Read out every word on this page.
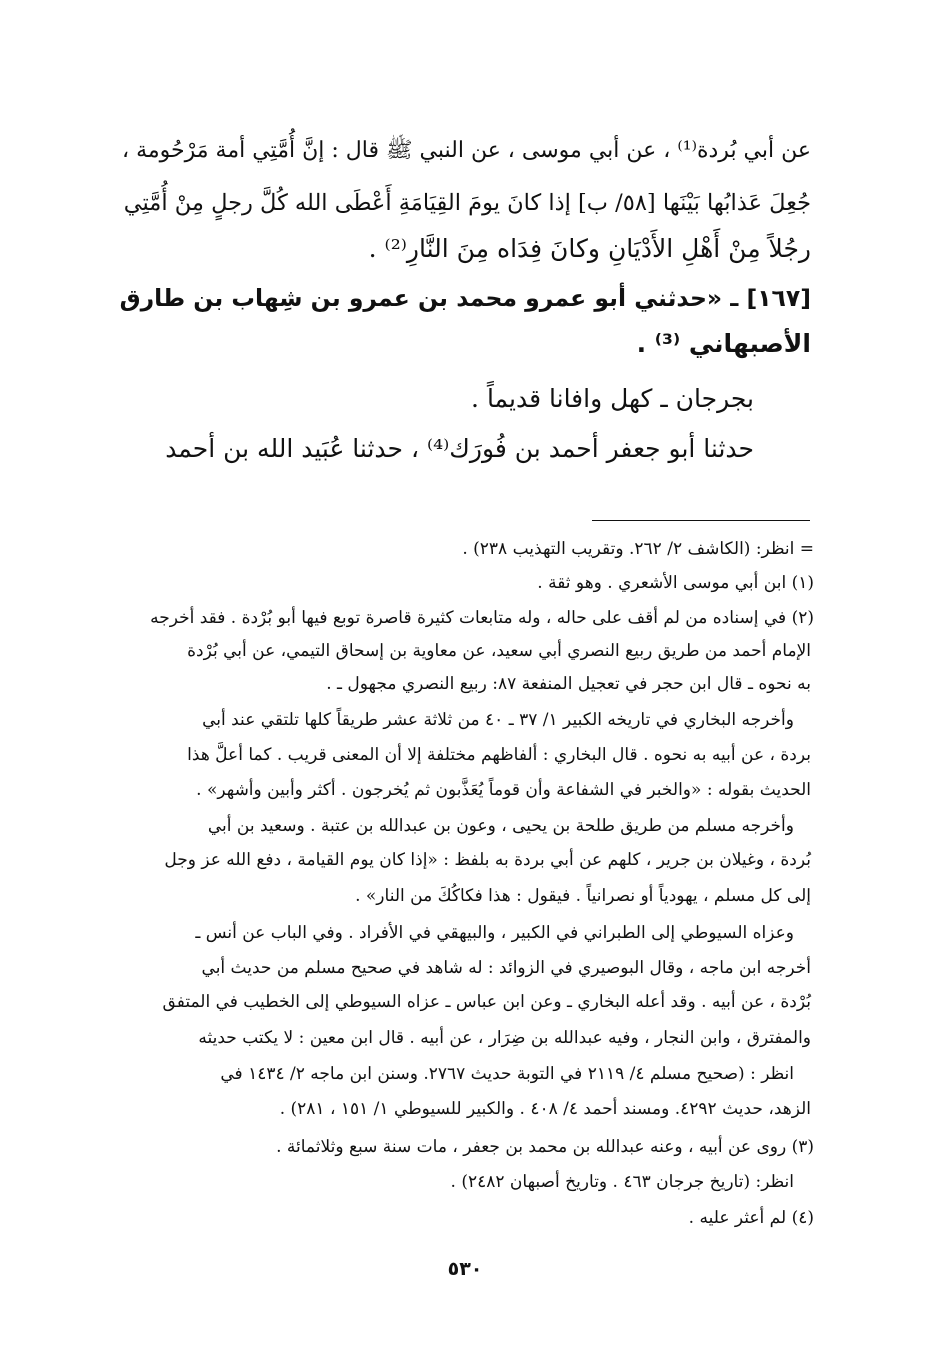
عن أبي بُردة⁽¹⁾ ، عن أبي موسى ، عن النبي ﷺ قال : إنَّ أُمَّتِي أمة مَرْحُومة ،
جُعِلَ عَذابُها بَيْنَها [٥٨/ ب] إذا كانَ يومَ القِيَامَةِ أَعْطَى الله كُلَّ رجلٍ مِنْ أُمَّتِي
رجُلاً مِنْ أَهْلِ الأَدْيَانِ وكانَ فِدَاه مِنَ النَّارِ⁽²⁾ .
[١٦٧] ـ «حدثني أبو عمرو محمد بن عمرو بن شِهاب بن طارق
الأصبهاني ⁽³⁾ .
بجرجان ـ كهل وافانا قديماً .
حدثنا أبو جعفر أحمد بن فُورَك⁽⁴⁾ ، حدثنا عُبَيد الله بن أحمد
= انظر: (الكاشف ٢/ ٢٦٢. وتقريب التهذيب ٢٣٨) .
(١) ابن أبي موسى الأشعري . وهو ثقة .
(٢) في إسناده من لم أقف على حاله ، وله متابعات كثيرة قاصرة توبع فيها أبو بُرْدة . فقد أخرجه
الإمام أحمد من طريق ربيع النصري أبي سعيد، عن معاوية بن إسحاق التيمي، عن أبي بُرْدة
به نحوه ـ قال ابن حجر في تعجيل المنفعة ٨٧: ربيع النصري مجهول ـ .
وأخرجه البخاري في تاريخه الكبير ١/ ٣٧ ـ ٤٠ من ثلاثة عشر طريقاً كلها تلتقي عند أبي
بردة ، عن أبيه به نحوه . قال البخاري : ألفاظهم مختلفة إلا أن المعنى قريب . كما أعلَّ هذا
الحديث بقوله : «والخبر في الشفاعة وأن قوماً يُعَذَّبون ثم يُخرجون . أكثر وأبين وأشهر» .
وأخرجه مسلم من طريق طلحة بن يحيى ، وعون بن عبدالله بن عتبة . وسعيد بن أبي
بُردة ، وغيلان بن جرير ، كلهم عن أبي بردة به بلفظ : «إذا كان يوم القيامة ، دفع الله عز وجل
إلى كل مسلم ، يهودياً أو نصرانياً . فيقول : هذا فكاكُكَ من النار» .
وعزاه السيوطي إلى الطبراني في الكبير ، والبيهقي في الأفراد . وفي الباب عن أنس ـ
أخرجه ابن ماجه ، وقال البوصيري في الزوائد : له شاهد في صحيح مسلم من حديث أبي
بُرْدة ، عن أبيه . وقد أعله البخاري ـ وعن ابن عباس ـ عزاه السيوطي إلى الخطيب في المتفق
والمفترق ، وابن النجار ، وفيه عبدالله بن ضِرَار ، عن أبيه . قال ابن معين : لا يكتب حديثه
انظر : (صحيح مسلم ٤/ ٢١١٩ في التوبة حديث ٢٧٦٧. وسنن ابن ماجه ٢/ ١٤٣٤ في
الزهد، حديث ٤٢٩٢. ومسند أحمد ٤/ ٤٠٨ . والكبير للسيوطي ١/ ١٥١ ، ٢٨١) .
(٣) روى عن أبيه ، وعنه عبدالله بن محمد بن جعفر ، مات سنة سبع وثلاثمائة .
انظر: (تاريخ جرجان ٤٦٣ . وتاريخ أصبهان ٢٤٨٢) .
(٤) لم أعثر عليه .
٥٣٠
